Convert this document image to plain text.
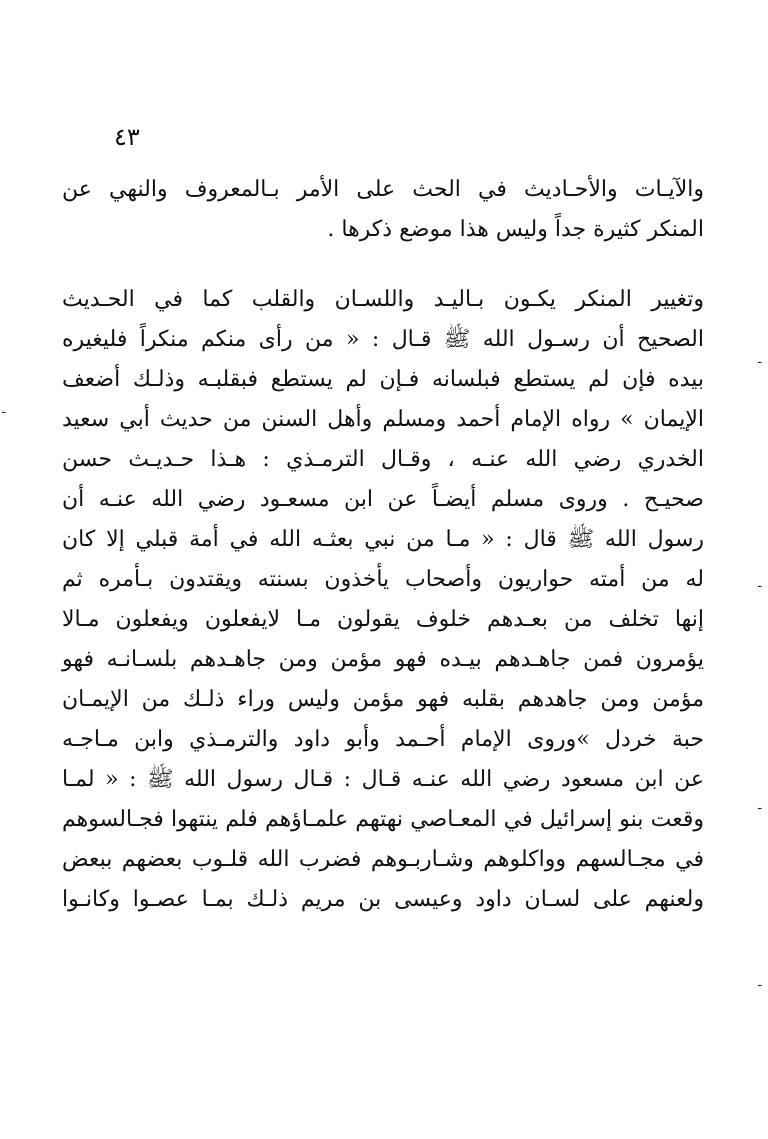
٤٣

والآيـات والأحـاديث في الحث على الأمر بـالمعروف والنهي عن
المنكر كثيرة جداً وليس هذا موضع ذكرها .

وتغيير المنكر يكـون بـاليـد واللسـان والقلب كما في الحـديث
الصحيح أن رسـول الله ﷺ قـال : « من رأى منكم منكراً فليغيره
بيده فإن لم يستطع فبلسانه فـإن لم يستطع فبقلبـه وذلـك أضعف
الإيمان » رواه الإمام أحمد ومسلم وأهل السنن من حديث أبي سعيد
الخدري رضي الله عنـه ، وقـال الترمـذي : هـذا حـديـث حسن
صحيـح . وروى مسلم أيضـاً عن ابن مسعـود رضي الله عنـه أن
رسول الله ﷺ قال : « مـا من نبي بعثـه الله في أمة قبلي إلا كان
له من أمته حواريون وأصحاب يأخذون بسنته ويقتدون بـأمره ثم
إنها تخلف من بعـدهم خلوف يقولون مـا لايفعلون ويفعلون مـالا
يؤمرون فمن جاهـدهم بيـده فهو مؤمن ومن جاهـدهم بلسـانـه فهو
مؤمن ومن جاهدهم بقلبه فهو مؤمن وليس وراء ذلـك من الإيمـان
حبة خردل »وروى الإمام أحـمد وأبو داود والترمـذي وابن مـاجـه
عن ابن مسعود رضي الله عنـه قـال : قـال رسول الله ﷺ : « لمـا
وقعت بنو إسرائيل في المعـاصي نهتهم علمـاؤهم فلم ينتهوا فجـالسوهم
في مجـالسهم وواكلوهم وشـاربـوهم فضرب الله قلـوب بعضهم ببعض
ولعنهم على لسـان داود وعيسى بن مريم ذلـك بمـا عصـوا وكانـوا

ـ
ـ
ـ
ـ
ـ
